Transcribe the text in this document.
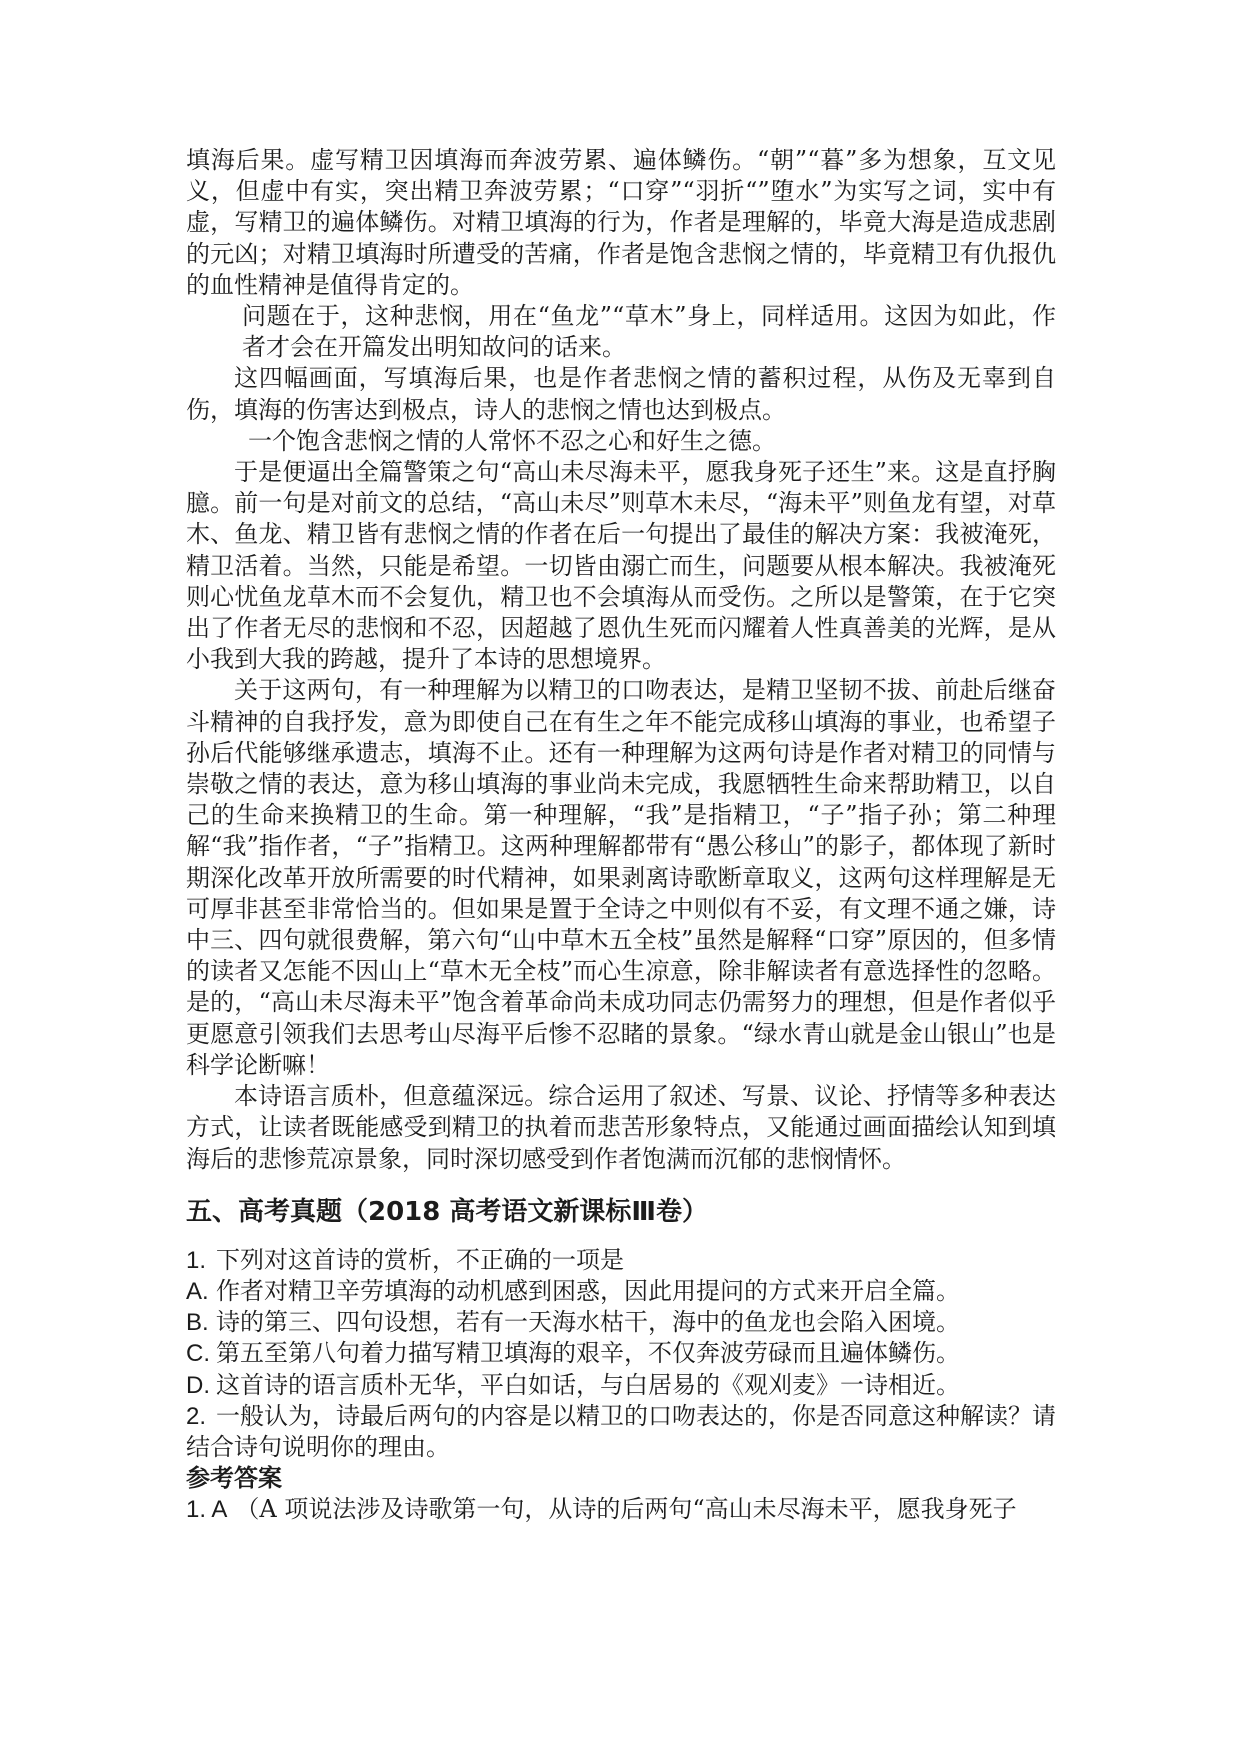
填海后果。虚写精卫因填海而奔波劳累、遍体鳞伤。“朝”“暮”多为想象，互文见义，但虚中有实，突出精卫奔波劳累；“口穿”“羽折“”堕水”为实写之词，实中有虚，写精卫的遍体鳞伤。对精卫填海的行为，作者是理解的，毕竟大海是造成悲剧的元凶；对精卫填海时所遭受的苦痛，作者是饱含悲悯之情的，毕竟精卫有仇报仇的血性精神是值得肯定的。

问题在于，这种悲悯，用在“鱼龙”“草木”身上，同样适用。这因为如此，作者才会在开篇发出明知故问的话来。

这四幅画面，写填海后果，也是作者悲悯之情的蓄积过程，从伤及无辜到自伤，填海的伤害达到极点，诗人的悲悯之情也达到极点。

一个饱含悲悯之情的人常怀不忍之心和好生之德。

于是便逼出全篇警策之句“高山未尽海未平，愿我身死子还生”来。这是直抒胸臆。前一句是对前文的总结，“高山未尽”则草木未尽，“海未平”则鱼龙有望，对草木、鱼龙、精卫皆有悲悯之情的作者在后一句提出了最佳的解决方案：我被淹死，精卫活着。当然，只能是希望。一切皆由溺亡而生，问题要从根本解决。我被淹死则心忧鱼龙草木而不会复仇，精卫也不会填海从而受伤。之所以是警策，在于它突出了作者无尽的悲悯和不忍，因超越了恩仇生死而闪耀着人性真善美的光辉，是从小我到大我的跨越，提升了本诗的思想境界。

关于这两句，有一种理解为以精卫的口吻表达，是精卫坚韧不拔、前赴后继奋斗精神的自我抒发，意为即使自己在有生之年不能完成移山填海的事业，也希望子孙后代能够继承遗志，填海不止。还有一种理解为这两句诗是作者对精卫的同情与崇敬之情的表达，意为移山填海的事业尚未完成，我愿牺牲生命来帮助精卫，以自己的生命来换精卫的生命。第一种理解，“我”是指精卫，“子”指子孙；第二种理解“我”指作者，“子”指精卫。这两种理解都带有“愚公移山”的影子，都体现了新时期深化改革开放所需要的时代精神，如果剥离诗歌断章取义，这两句这样理解是无可厚非甚至非常恰当的。但如果是置于全诗之中则似有不妥，有文理不通之嫌，诗中三、四句就很费解，第六句“山中草木五全枝”虽然是解释“口穿”原因的，但多情的读者又怎能不因山上“草木无全枝”而心生凉意，除非解读者有意选择性的忽略。是的，“高山未尽海未平”饱含着革命尚未成功同志仍需努力的理想，但是作者似乎更愿意引领我们去思考山尽海平后惨不忍睹的景象。“绿水青山就是金山银山”也是科学论断嘛！

本诗语言质朴，但意蕴深远。综合运用了叙述、写景、议论、抒情等多种表达方式，让读者既能感受到精卫的执着而悲苦形象特点，又能通过画面描绘认知到填海后的悲惨荒凉景象，同时深切感受到作者饱满而沉郁的悲悯情怀。

五、高考真题（2018 高考语文新课标Ⅲ卷）

1. 下列对这首诗的赏析，不正确的一项是

A. 作者对精卫辛劳填海的动机感到困惑，因此用提问的方式来开启全篇。

B. 诗的第三、四句设想，若有一天海水枯干，海中的鱼龙也会陷入困境。

C. 第五至第八句着力描写精卫填海的艰辛，不仅奔波劳碌而且遍体鳞伤。

D. 这首诗的语言质朴无华，平白如话，与白居易的《观刈麦》一诗相近。

2. 一般认为，诗最后两句的内容是以精卫的口吻表达的，你是否同意这种解读？请结合诗句说明你的理由。

参考答案

1. A （A 项说法涉及诗歌第一句，从诗的后两句“高山未尽海未平，愿我身死子
